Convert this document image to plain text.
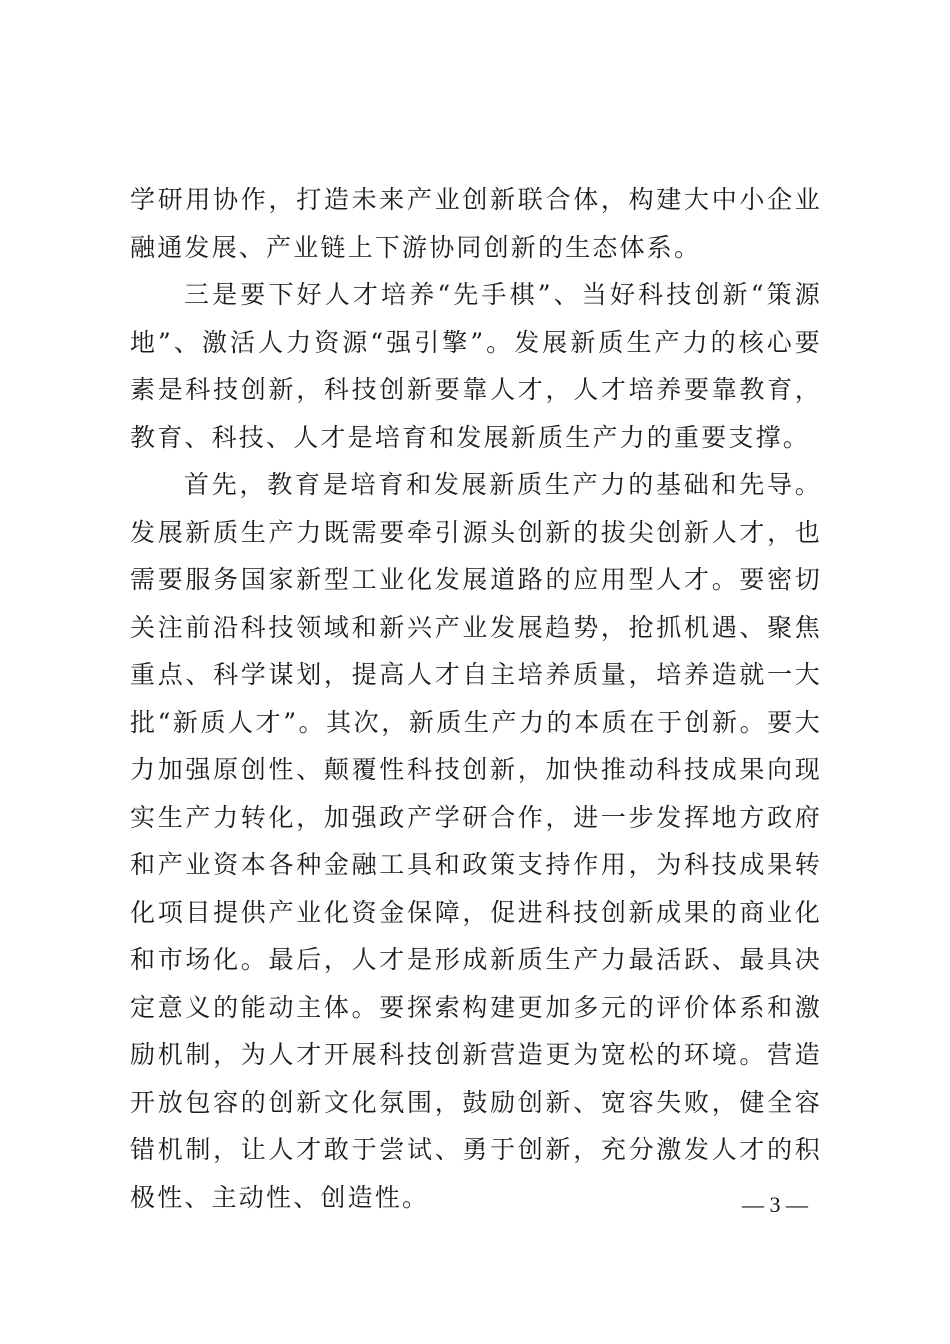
学研用协作，打造未来产业创新联合体，构建大中小企业融通发展、产业链上下游协同创新的生态体系。

三是要下好人才培养“先手棋”、当好科技创新“策源地”、激活人力资源“强引擎”。发展新质生产力的核心要素是科技创新，科技创新要靠人才，人才培养要靠教育，教育、科技、人才是培育和发展新质生产力的重要支撑。

首先，教育是培育和发展新质生产力的基础和先导。发展新质生产力既需要牵引源头创新的拔尖创新人才，也需要服务国家新型工业化发展道路的应用型人才。要密切关注前沿科技领域和新兴产业发展趋势，抢抓机遇、聚焦重点、科学谋划，提高人才自主培养质量，培养造就一大批“新质人才”。其次，新质生产力的本质在于创新。要大力加强原创性、颠覆性科技创新，加快推动科技成果向现实生产力转化，加强政产学研合作，进一步发挥地方政府和产业资本各种金融工具和政策支持作用，为科技成果转化项目提供产业化资金保障，促进科技创新成果的商业化和市场化。最后，人才是形成新质生产力最活跃、最具决定意义的能动主体。要探索构建更加多元的评价体系和激励机制，为人才开展科技创新营造更为宽松的环境。营造开放包容的创新文化氛围，鼓励创新、宽容失败，健全容错机制，让人才敢于尝试、勇于创新，充分激发人才的积极性、主动性、创造性。	— 3 —
